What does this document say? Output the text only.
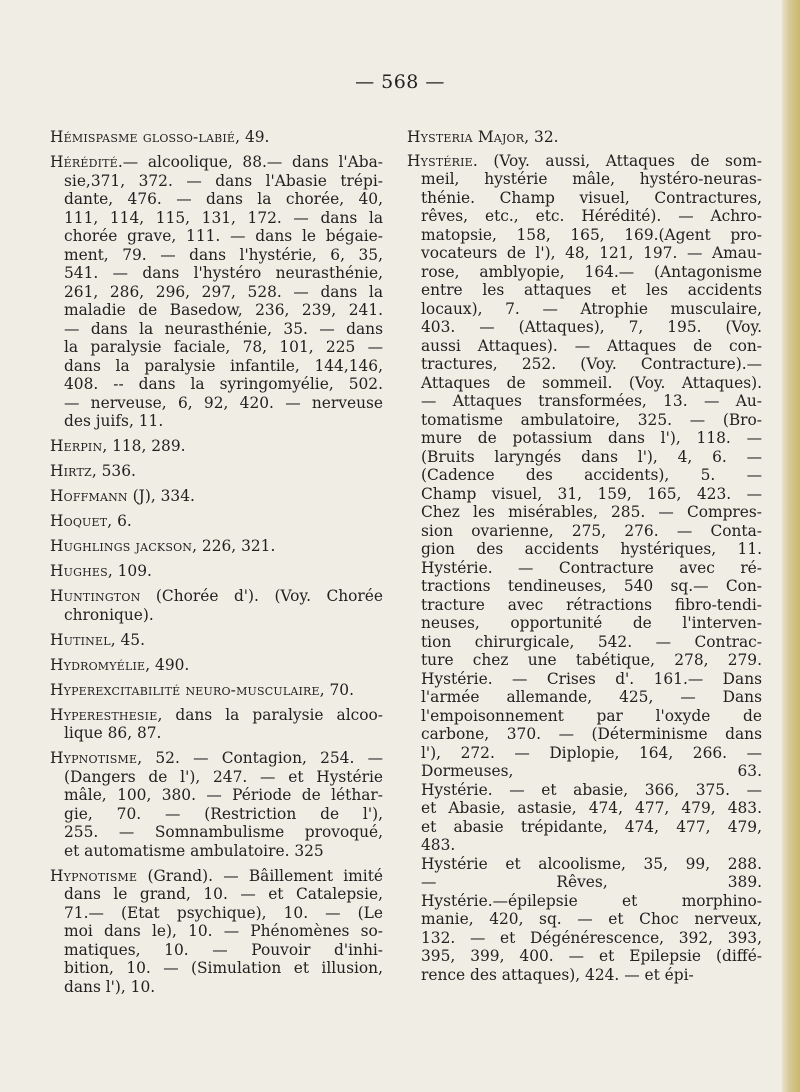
— 568 —
Hémispasme glosso-labié, 49.
Hérédité.— alcoolique, 88.— dans l'Aba-
sie,371, 372. — dans l'Abasie trépi-
dante, 476. — dans la chorée, 40,
111, 114, 115, 131, 172. — dans la
chorée grave, 111. — dans le bégaie-
ment, 79. — dans l'hystérie, 6, 35,
541. — dans l'hystéro neurasthénie,
261, 286, 296, 297, 528. — dans la
maladie de Basedow, 236, 239, 241.
— dans la neurasthénie, 35. — dans
la paralysie faciale, 78, 101, 225 —
dans la paralysie infantile, 144,146,
408. -- dans la syringomyélie, 502.
— nerveuse, 6, 92, 420. — nerveuse
des juifs, 11.
Herpin, 118, 289.
Hirtz, 536.
Hoffmann (J), 334.
Hoquet, 6.
Hughlings jackson, 226, 321.
Hughes, 109.
Huntington (Chorée d'). (Voy. Chorée
chronique).
Hutinel, 45.
Hydromyélie, 490.
Hyperexcitabilité neuro-musculaire, 70.
Hyperesthesie, dans la paralysie alcoo-
lique 86, 87.
Hypnotisme, 52. — Contagion, 254. —
(Dangers de l'), 247. — et Hystérie
mâle, 100, 380. — Période de léthar-
gie, 70. — (Restriction de l'),
255. — Somnambulisme provoqué,
et automatisme ambulatoire. 325
Hypnotisme (Grand). — Bâillement imité
dans le grand, 10. — et Catalepsie,
71.— (Etat psychique), 10. — (Le
moi dans le), 10. — Phénomènes so-
matiques, 10. — Pouvoir d'inhi-
bition, 10. — (Simulation et illusion,
dans l'), 10.
Hysteria Major, 32.
Hystérie. (Voy. aussi, Attaques de som-
meil, hystérie mâle, hystéro-neuras-
thénie. Champ visuel, Contractures,
rêves, etc., etc. Hérédité). — Achro-
matopsie, 158, 165, 169.(Agent pro-
vocateurs de l'), 48, 121, 197. — Amau-
rose, amblyopie, 164.— (Antagonisme
entre les attaques et les accidents
locaux), 7. — Atrophie musculaire,
403. — (Attaques), 7, 195. (Voy.
aussi Attaques). — Attaques de con-
tractures, 252. (Voy. Contracture).—
Attaques de sommeil. (Voy. Attaques).
— Attaques transformées, 13. — Au-
tomatisme ambulatoire, 325. — (Bro-
mure de potassium dans l'), 118. —
(Bruits laryngés dans l'), 4, 6. —
(Cadence des accidents), 5. —
Champ visuel, 31, 159, 165, 423. —
Chez les misérables, 285. — Compres-
sion ovarienne, 275, 276. — Conta-
gion des accidents hystériques, 11.
Hystérie. — Contracture avec ré-
tractions tendineuses, 540 sq.— Con-
tracture avec rétractions fibro-tendi-
neuses, opportunité de l'interven-
tion chirurgicale, 542. — Contrac-
ture chez une tabétique, 278, 279.
Hystérie. — Crises d'. 161.— Dans
l'armée allemande, 425, — Dans
l'empoisonnement par l'oxyde de
carbone, 370. — (Déterminisme dans
l'), 272. — Diplopie, 164, 266. —
Dormeuses, 63.
Hystérie. — et abasie, 366, 375. —
et Abasie, astasie, 474, 477, 479, 483.
et abasie trépidante, 474, 477, 479,
483.
Hystérie et alcoolisme, 35, 99, 288.
— Rêves, 389.
Hystérie.—épilepsie et morphino-
manie, 420, sq. — et Choc nerveux,
132. — et Dégénérescence, 392, 393,
395, 399, 400. — et Epilepsie (diffé-
rence des attaques), 424. — et épi-
